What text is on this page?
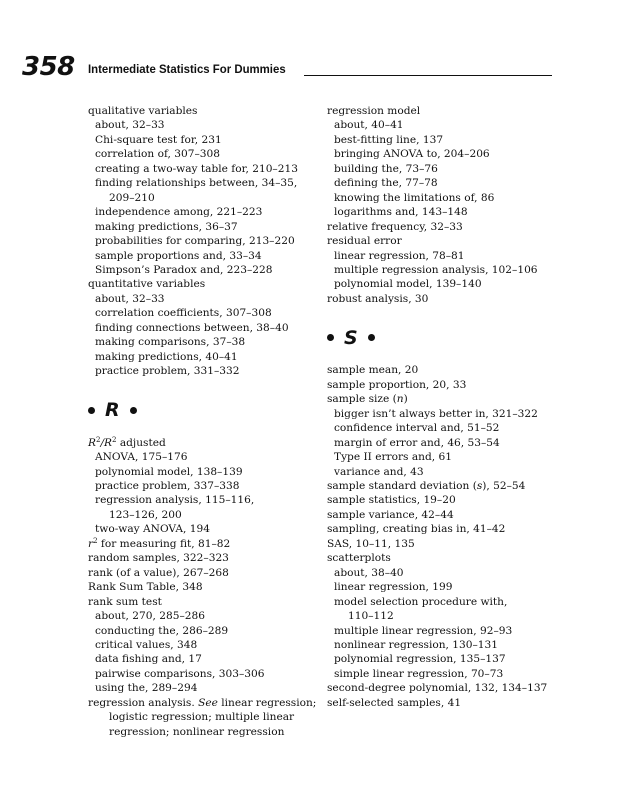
358 Intermediate Statistics For Dummies
qualitative variables
about, 32–33
Chi-square test for, 231
correlation of, 307–308
creating a two-way table for, 210–213
finding relationships between, 34–35,
209–210
independence among, 221–223
making predictions, 36–37
probabilities for comparing, 213–220
sample proportions and, 33–34
Simpson’s Paradox and, 223–228
quantitative variables
about, 32–33
correlation coefficients, 307–308
finding connections between, 38–40
making comparisons, 37–38
making predictions, 40–41
practice problem, 331–332
R
$R^2/R^2$ adjusted
ANOVA, 175–176
polynomial model, 138–139
practice problem, 337–338
regression analysis, 115–116,
123–126, 200
two-way ANOVA, 194
$r^2$ for measuring fit, 81–82
random samples, 322–323
rank (of a value), 267–268
Rank Sum Table, 348
rank sum test
about, 270, 285–286
conducting the, 286–289
critical values, 348
data fishing and, 17
pairwise comparisons, 303–306
using the, 289–294
regression analysis. See linear regression;
logistic regression; multiple linear
regression; nonlinear regression
regression model
about, 40–41
best-fitting line, 137
bringing ANOVA to, 204–206
building the, 73–76
defining the, 77–78
knowing the limitations of, 86
logarithms and, 143–148
relative frequency, 32–33
residual error
linear regression, 78–81
multiple regression analysis, 102–106
polynomial model, 139–140
robust analysis, 30
S
sample mean, 20
sample proportion, 20, 33
sample size (n)
bigger isn’t always better in, 321–322
confidence interval and, 51–52
margin of error and, 46, 53–54
Type II errors and, 61
variance and, 43
sample standard deviation (s), 52–54
sample statistics, 19–20
sample variance, 42–44
sampling, creating bias in, 41–42
SAS, 10–11, 135
scatterplots
about, 38–40
linear regression, 199
model selection procedure with,
110–112
multiple linear regression, 92–93
nonlinear regression, 130–131
polynomial regression, 135–137
simple linear regression, 70–73
second-degree polynomial, 132, 134–137
self-selected samples, 41
